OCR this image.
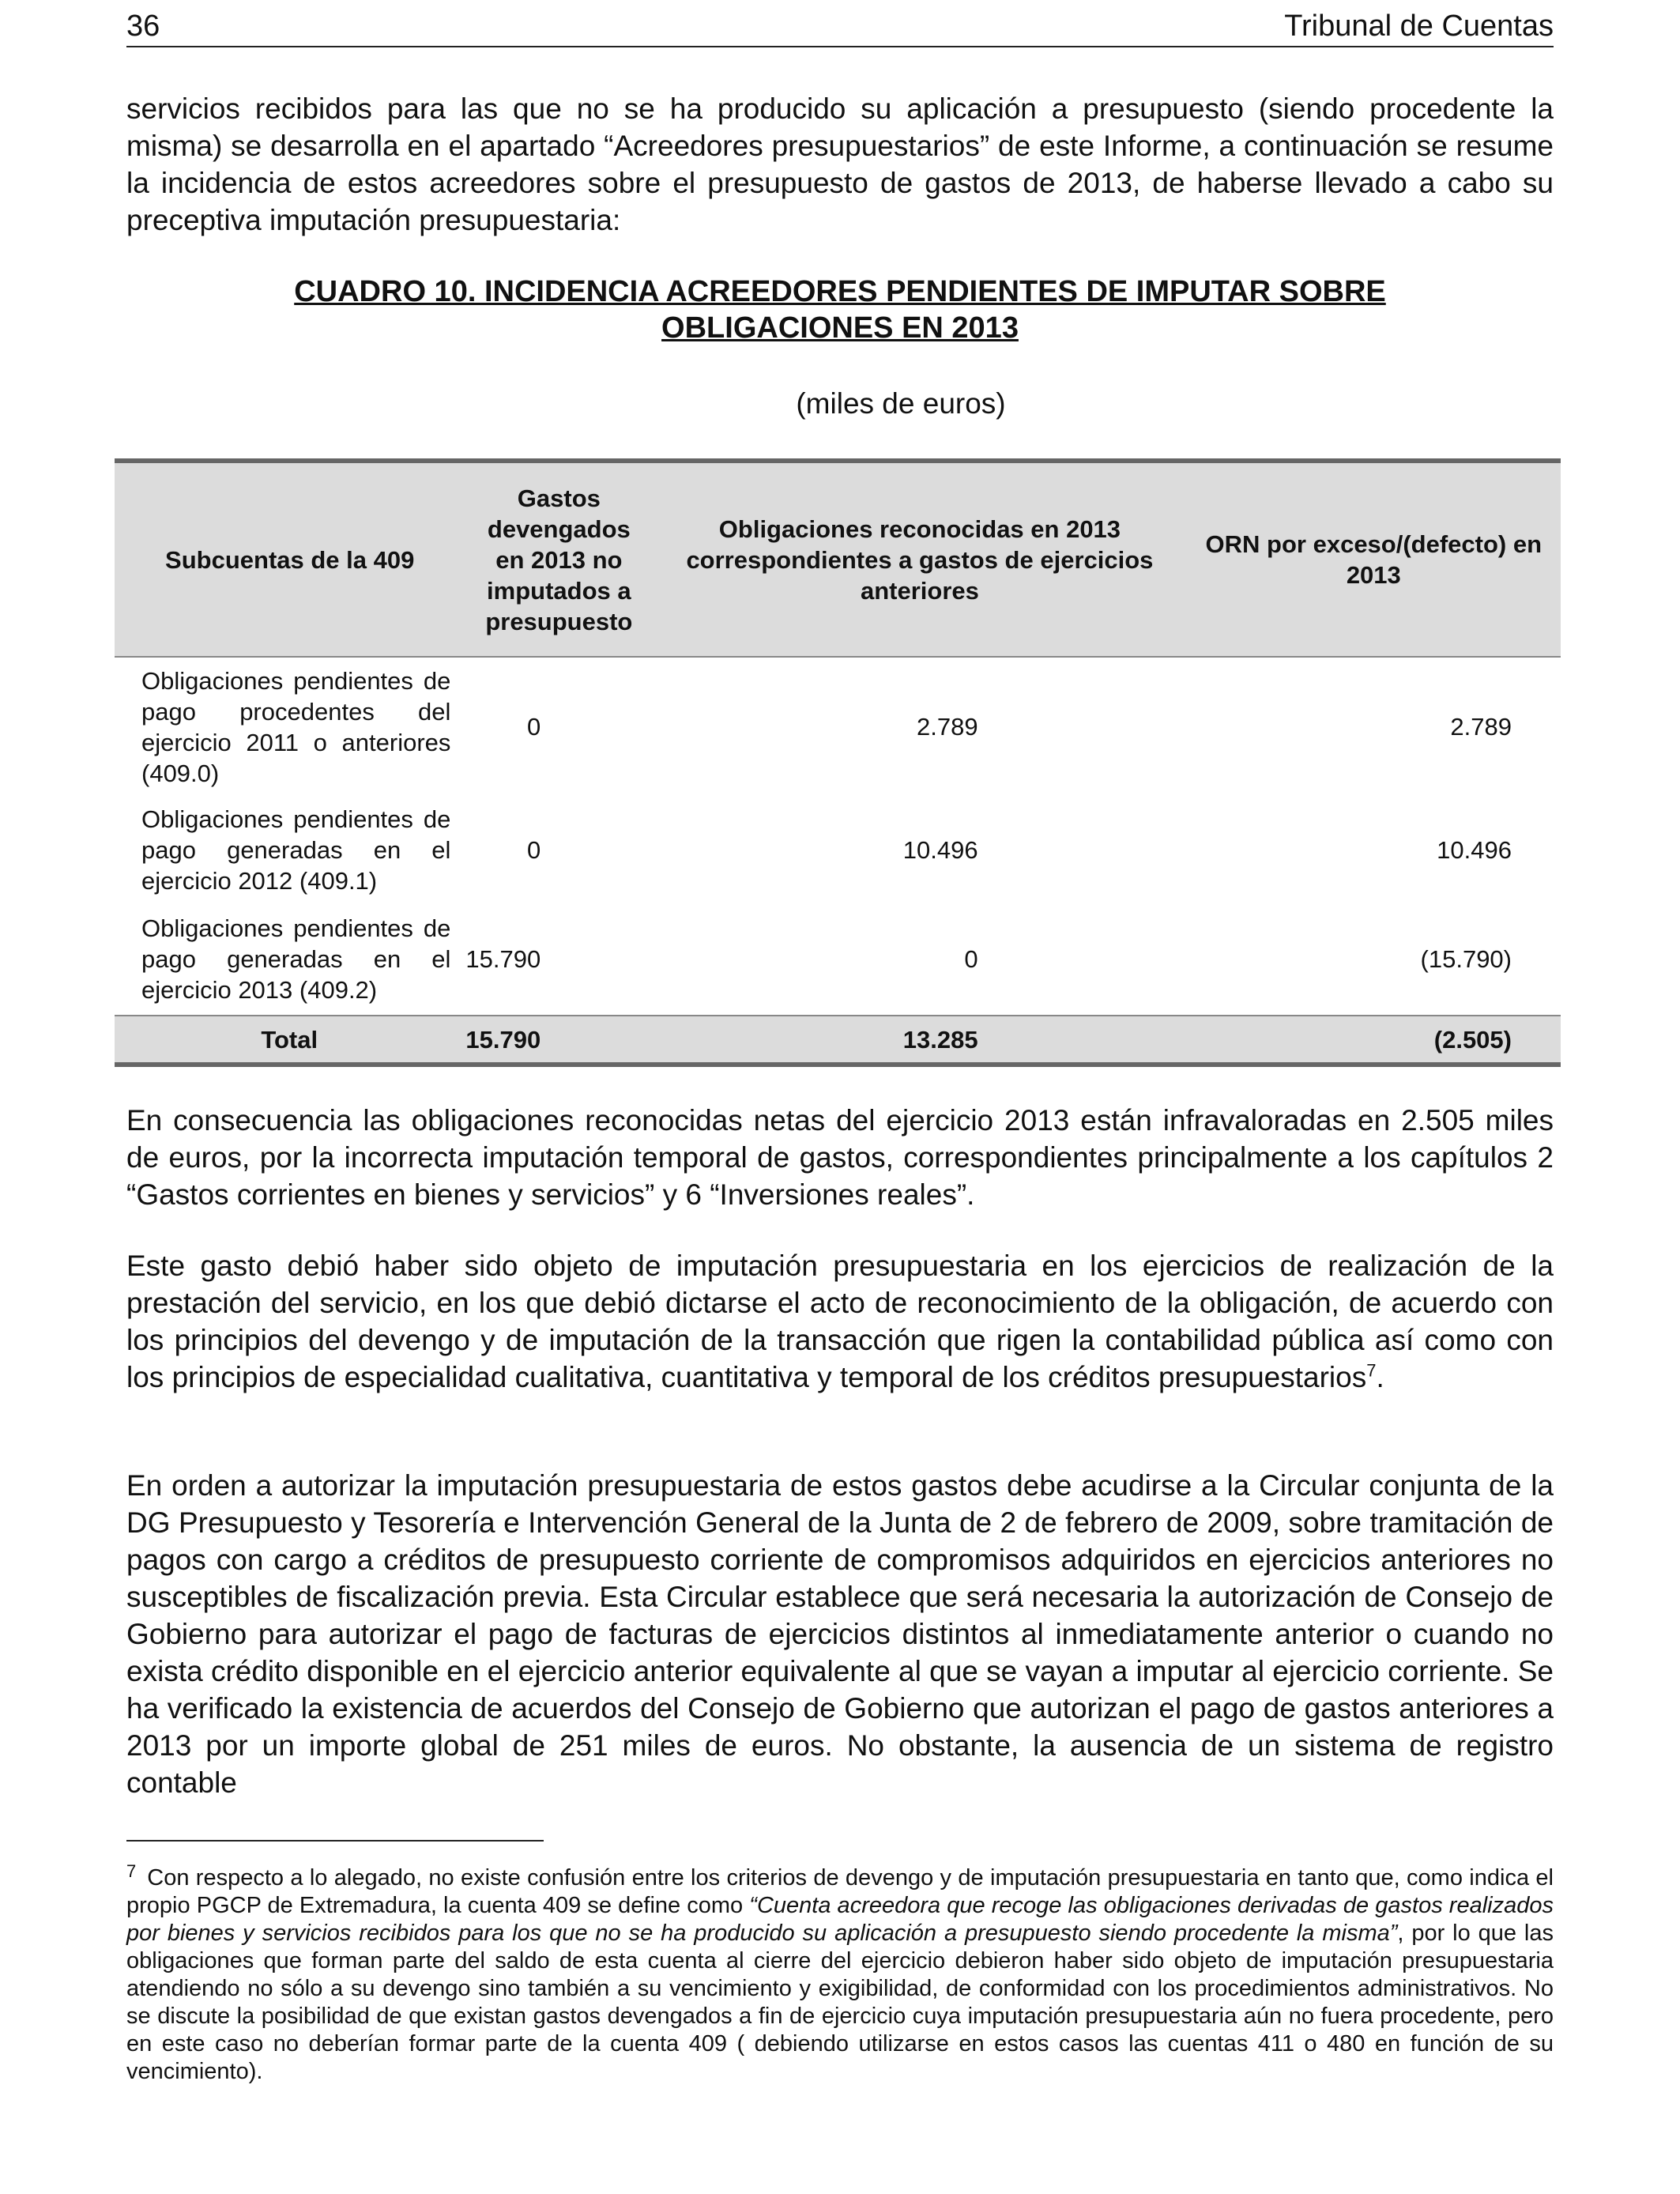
36	Tribunal de Cuentas

servicios recibidos para las que no se ha producido su aplicación a presupuesto (siendo procedente la misma) se desarrolla en el apartado “Acreedores presupuestarios” de este Informe, a continuación se resume la incidencia de estos acreedores sobre el presupuesto de gastos de 2013, de haberse llevado a cabo su preceptiva imputación presupuestaria:

CUADRO 10. INCIDENCIA ACREEDORES PENDIENTES DE IMPUTAR SOBRE
OBLIGACIONES EN 2013
(miles de euros)
Subcuentas de la 409	Gastos devengados en 2013 no imputados a presupuesto	Obligaciones reconocidas en 2013 correspondientes a gastos de ejercicios anteriores	ORN por exceso/(defecto) en 2013
Obligaciones pendientes de pago procedentes del ejercicio 2011 o anteriores (409.0)	0	2.789	2.789
Obligaciones pendientes de pago generadas en el ejercicio 2012 (409.1)	0	10.496	10.496
Obligaciones pendientes de pago generadas en el ejercicio 2013 (409.2)	15.790	0	(15.790)
Total	15.790	13.285	(2.505)

En consecuencia las obligaciones reconocidas netas del ejercicio 2013 están infravaloradas en 2.505 miles de euros, por la incorrecta imputación temporal de gastos, correspondientes principalmente a los capítulos 2 “Gastos corrientes en bienes y servicios” y 6 “Inversiones reales”.

Este gasto debió haber sido objeto de imputación presupuestaria en los ejercicios de realización de la prestación del servicio, en los que debió dictarse el acto de reconocimiento de la obligación, de acuerdo con los principios del devengo y de imputación de la transacción que rigen la contabilidad pública así como con los principios de especialidad cualitativa, cuantitativa y temporal de los créditos presupuestarios$^7$.

En orden a autorizar la imputación presupuestaria de estos gastos debe acudirse a la Circular conjunta de la DG Presupuesto y Tesorería e Intervención General de la Junta de 2 de febrero de 2009, sobre tramitación de pagos con cargo a créditos de presupuesto corriente de compromisos adquiridos en ejercicios anteriores no susceptibles de fiscalización previa. Esta Circular establece que será necesaria la autorización de Consejo de Gobierno para autorizar el pago de facturas de ejercicios distintos al inmediatamente anterior o cuando no exista crédito disponible en el ejercicio anterior equivalente al que se vayan a imputar al ejercicio corriente. Se ha verificado la existencia de acuerdos del Consejo de Gobierno que autorizan el pago de gastos anteriores a 2013 por un importe global de 251 miles de euros. No obstante, la ausencia de un sistema de registro contable

$^7$ Con respecto a lo alegado, no existe confusión entre los criterios de devengo y de imputación presupuestaria en tanto que, como indica el propio PGCP de Extremadura, la cuenta 409 se define como “Cuenta acreedora que recoge las obligaciones derivadas de gastos realizados por bienes y servicios recibidos para los que no se ha producido su aplicación a presupuesto siendo procedente la misma”, por lo que las obligaciones que forman parte del saldo de esta cuenta al cierre del ejercicio debieron haber sido objeto de imputación presupuestaria atendiendo no sólo a su devengo sino también a su vencimiento y exigibilidad, de conformidad con los procedimientos administrativos. No se discute la posibilidad de que existan gastos devengados a fin de ejercicio cuya imputación presupuestaria aún no fuera procedente, pero en este caso no deberían formar parte de la cuenta 409 ( debiendo utilizarse en estos casos las cuentas 411 o 480 en función de su vencimiento).
